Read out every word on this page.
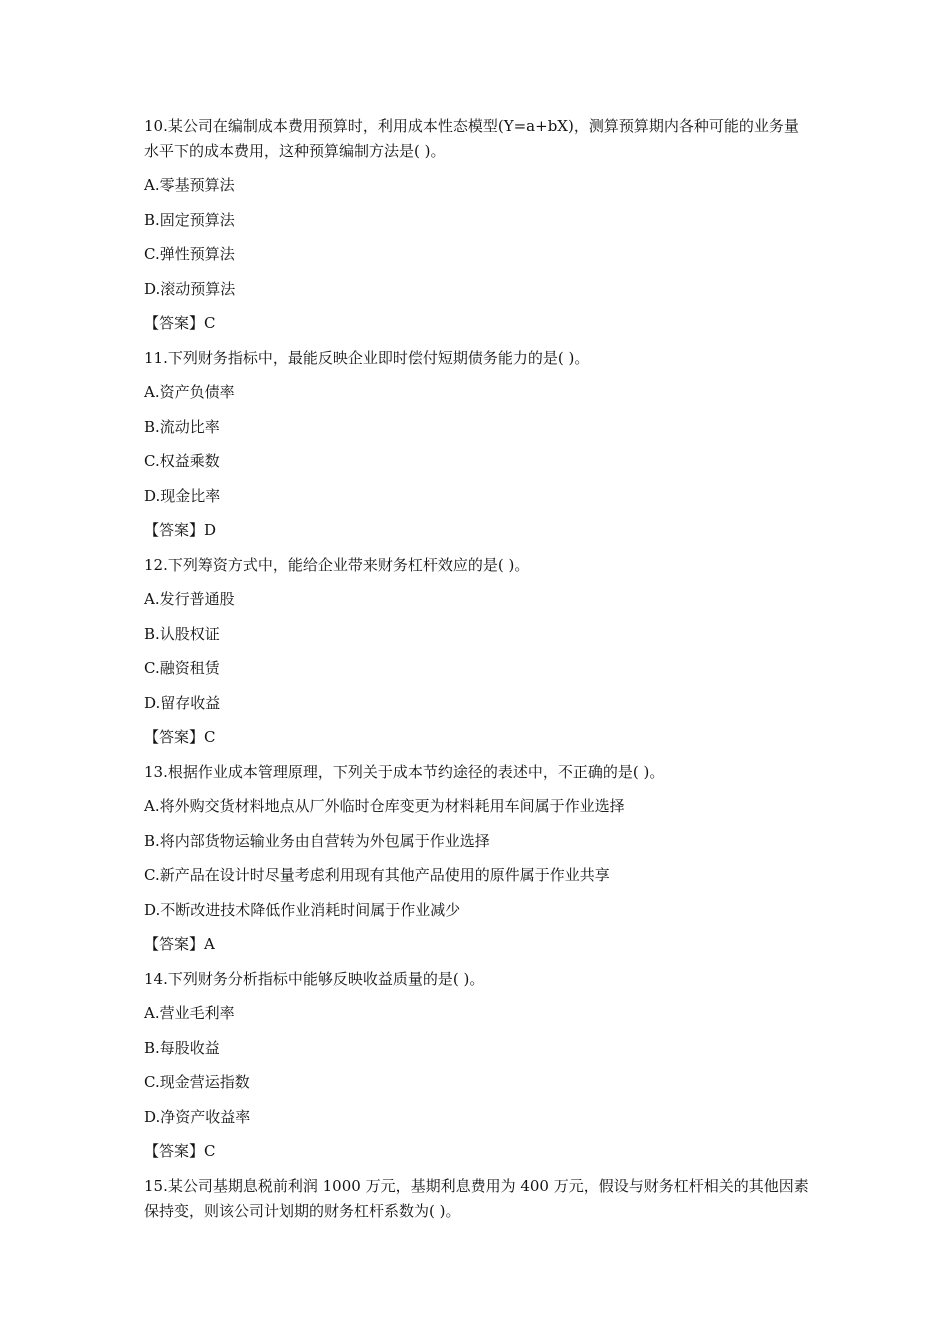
10.某公司在编制成本费用预算时，利用成本性态模型(Y=a+bX)，测算预算期内各种可能的业务量水平下的成本费用，这种预算编制方法是( )。

A.零基预算法

B.固定预算法

C.弹性预算法

D.滚动预算法

【答案】C

11.下列财务指标中，最能反映企业即时偿付短期债务能力的是( )。

A.资产负债率

B.流动比率

C.权益乘数

D.现金比率

【答案】D

12.下列筹资方式中，能给企业带来财务杠杆效应的是( )。

A.发行普通股

B.认股权证

C.融资租赁

D.留存收益

【答案】C

13.根据作业成本管理原理，下列关于成本节约途径的表述中，不正确的是( )。

A.将外购交货材料地点从厂外临时仓库变更为材料耗用车间属于作业选择

B.将内部货物运输业务由自营转为外包属于作业选择

C.新产品在设计时尽量考虑利用现有其他产品使用的原件属于作业共享

D.不断改进技术降低作业消耗时间属于作业减少

【答案】A

14.下列财务分析指标中能够反映收益质量的是( )。

A.营业毛利率

B.每股收益

C.现金营运指数

D.净资产收益率

【答案】C

15.某公司基期息税前利润 1000 万元，基期利息费用为 400 万元，假设与财务杠杆相关的其他因素保持变，则该公司计划期的财务杠杆系数为( )。
